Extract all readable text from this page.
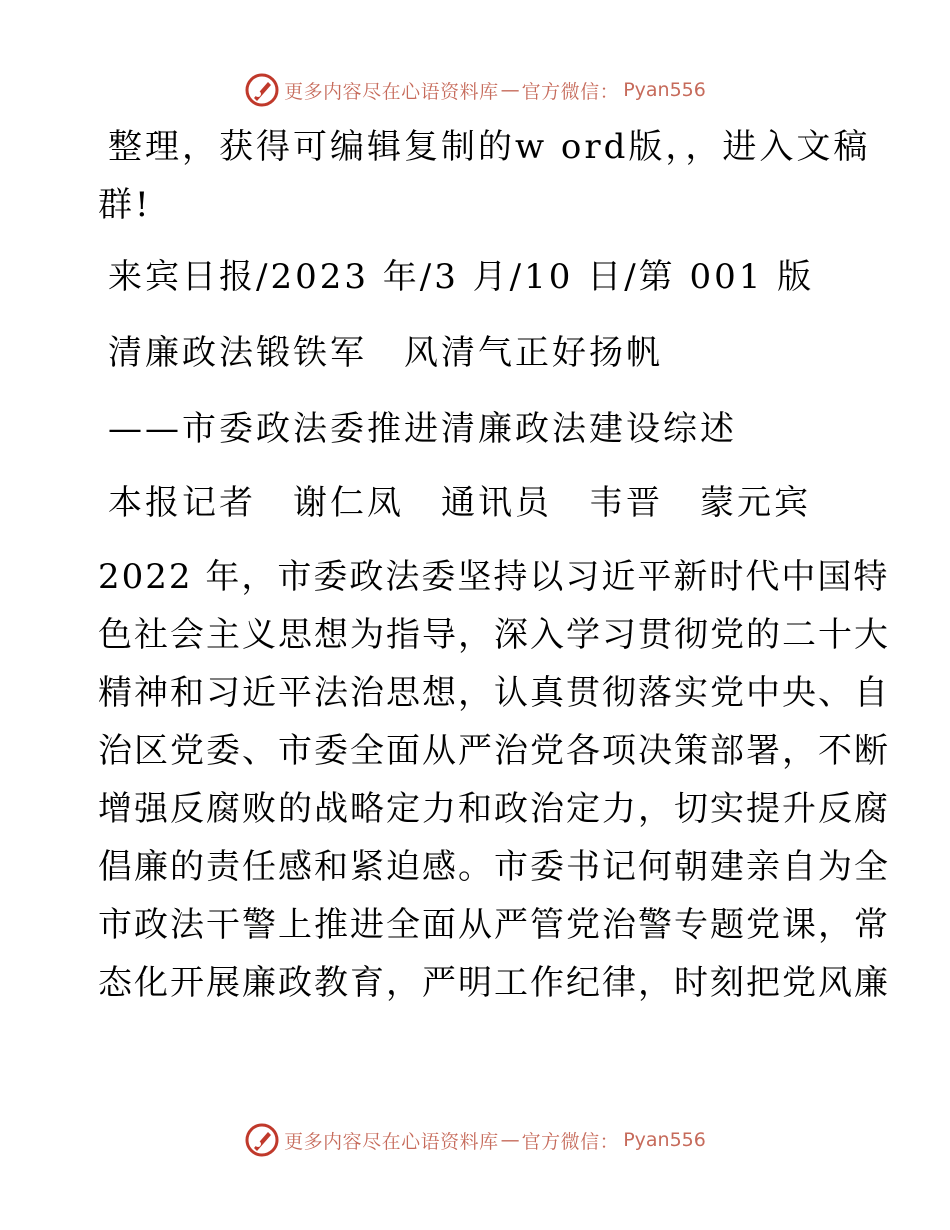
更多内容尽在心语资料库 — 官方微信： Pyan556
整理，获得可编辑复制的w ord版，，进入文稿
群!
来宾日报/2023 年/3 月/10 日/第 001 版
清廉政法锻铁军　风清气正好扬帆
——市委政法委推进清廉政法建设综述
本报记者　谢仁凤　通讯员　韦晋　蒙元宾
2022 年，市委政法委坚持以习近平新时代中国特
色社会主义思想为指导，深入学习贯彻党的二十大
精神和习近平法治思想，认真贯彻落实党中央、自
治区党委、市委全面从严治党各项决策部署，不断
增强反腐败的战略定力和政治定力，切实提升反腐
倡廉的责任感和紧迫感。市委书记何朝建亲自为全
市政法干警上推进全面从严管党治警专题党课，常
态化开展廉政教育，严明工作纪律，时刻把党风廉
更多内容尽在心语资料库 — 官方微信： Pyan556
